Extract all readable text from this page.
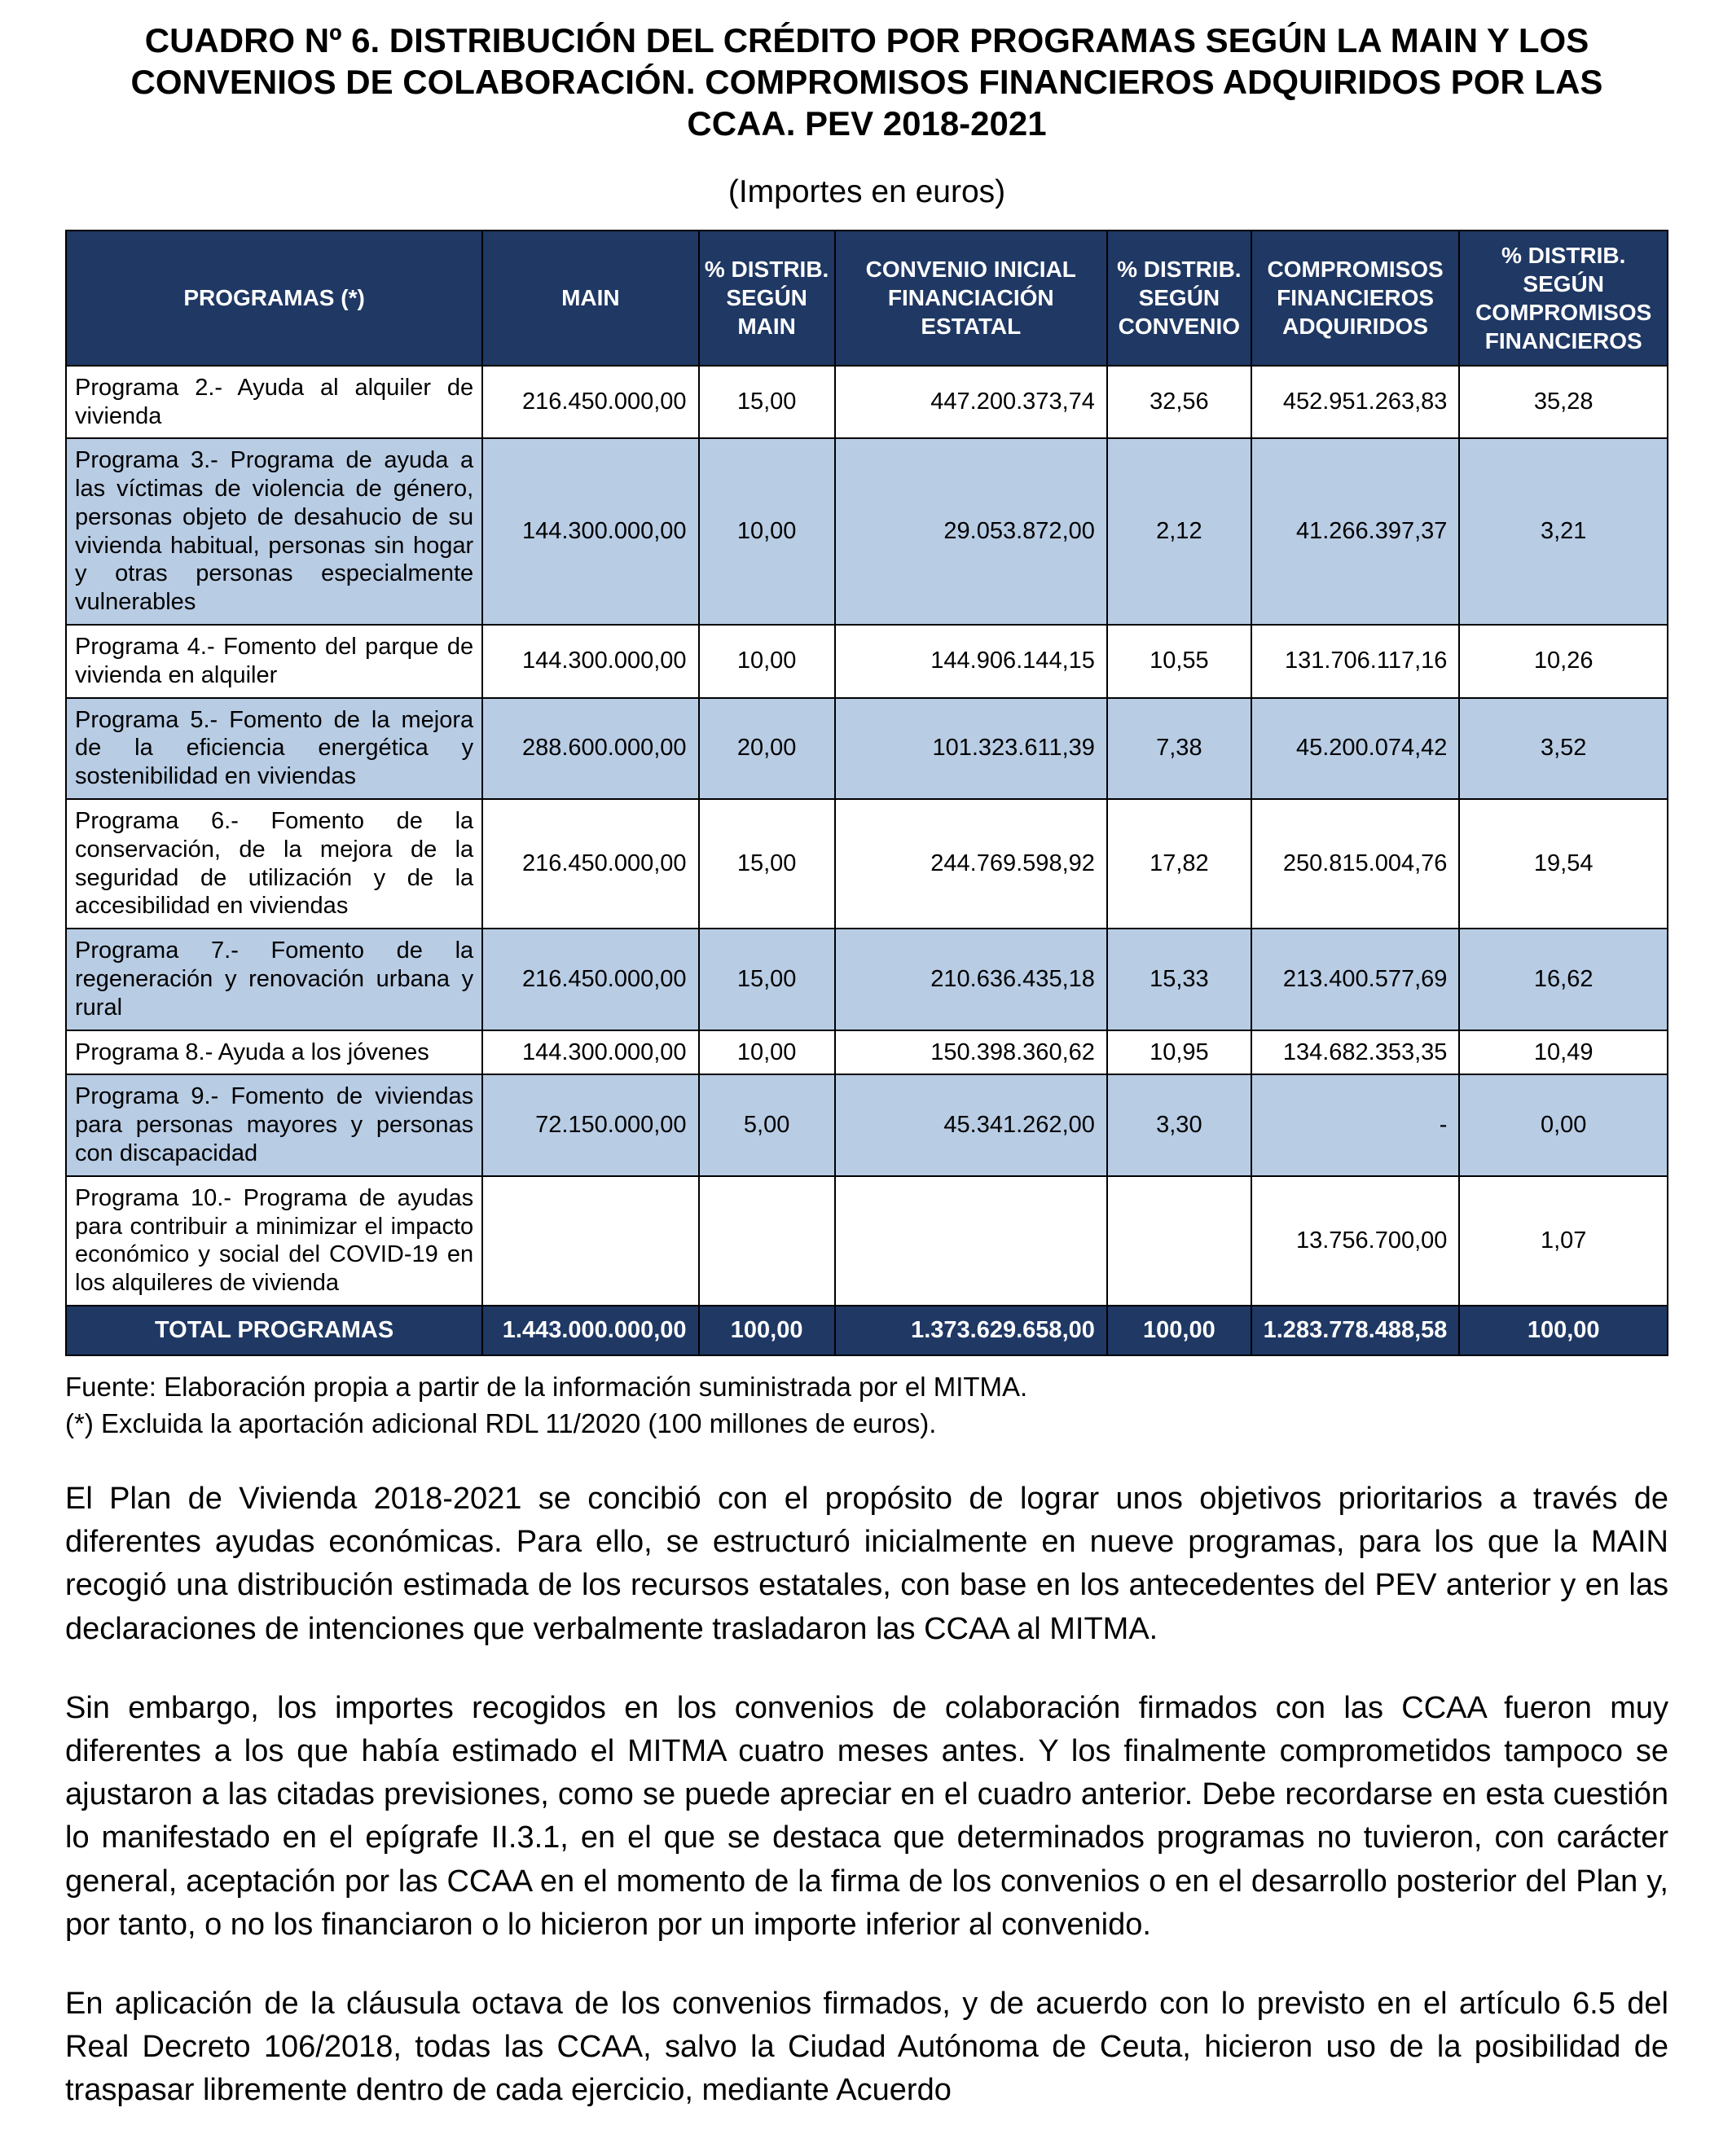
CUADRO Nº 6. DISTRIBUCIÓN DEL CRÉDITO POR PROGRAMAS SEGÚN LA MAIN Y LOS CONVENIOS DE COLABORACIÓN. COMPROMISOS FINANCIEROS ADQUIRIDOS POR LAS CCAA. PEV 2018-2021
(Importes en euros)
PROGRAMAS (*)	MAIN	% DISTRIB. SEGÚN MAIN	CONVENIO INICIAL FINANCIACIÓN ESTATAL	% DISTRIB. SEGÚN CONVENIO	COMPROMISOS FINANCIEROS ADQUIRIDOS	% DISTRIB. SEGÚN COMPROMISOS FINANCIEROS
Programa 2.- Ayuda al alquiler de vivienda	216.450.000,00	15,00	447.200.373,74	32,56	452.951.263,83	35,28
Programa 3.- Programa de ayuda a las víctimas de violencia de género, personas objeto de desahucio de su vivienda habitual, personas sin hogar y otras personas especialmente vulnerables	144.300.000,00	10,00	29.053.872,00	2,12	41.266.397,37	3,21
Programa 4.- Fomento del parque de vivienda en alquiler	144.300.000,00	10,00	144.906.144,15	10,55	131.706.117,16	10,26
Programa 5.- Fomento de la mejora de la eficiencia energética y sostenibilidad en viviendas	288.600.000,00	20,00	101.323.611,39	7,38	45.200.074,42	3,52
Programa 6.- Fomento de la conservación, de la mejora de la seguridad de utilización y de la accesibilidad en viviendas	216.450.000,00	15,00	244.769.598,92	17,82	250.815.004,76	19,54
Programa 7.- Fomento de la regeneración y renovación urbana y rural	216.450.000,00	15,00	210.636.435,18	15,33	213.400.577,69	16,62
Programa 8.- Ayuda a los jóvenes	144.300.000,00	10,00	150.398.360,62	10,95	134.682.353,35	10,49
Programa 9.- Fomento de viviendas para personas mayores y personas con discapacidad	72.150.000,00	5,00	45.341.262,00	3,30	-	0,00
Programa 10.- Programa de ayudas para contribuir a minimizar el impacto económico y social del COVID-19 en los alquileres de vivienda					13.756.700,00	1,07
TOTAL PROGRAMAS	1.443.000.000,00	100,00	1.373.629.658,00	100,00	1.283.778.488,58	100,00
Fuente: Elaboración propia a partir de la información suministrada por el MITMA.
(*) Excluida la aportación adicional RDL 11/2020 (100 millones de euros).

El Plan de Vivienda 2018-2021 se concibió con el propósito de lograr unos objetivos prioritarios a través de diferentes ayudas económicas. Para ello, se estructuró inicialmente en nueve programas, para los que la MAIN recogió una distribución estimada de los recursos estatales, con base en los antecedentes del PEV anterior y en las declaraciones de intenciones que verbalmente trasladaron las CCAA al MITMA.

Sin embargo, los importes recogidos en los convenios de colaboración firmados con las CCAA fueron muy diferentes a los que había estimado el MITMA cuatro meses antes. Y los finalmente comprometidos tampoco se ajustaron a las citadas previsiones, como se puede apreciar en el cuadro anterior. Debe recordarse en esta cuestión lo manifestado en el epígrafe II.3.1, en el que se destaca que determinados programas no tuvieron, con carácter general, aceptación por las CCAA en el momento de la firma de los convenios o en el desarrollo posterior del Plan y, por tanto, o no los financiaron o lo hicieron por un importe inferior al convenido.

En aplicación de la cláusula octava de los convenios firmados, y de acuerdo con lo previsto en el artículo 6.5 del Real Decreto 106/2018, todas las CCAA, salvo la Ciudad Autónoma de Ceuta, hicieron uso de la posibilidad de traspasar libremente dentro de cada ejercicio, mediante Acuerdo
